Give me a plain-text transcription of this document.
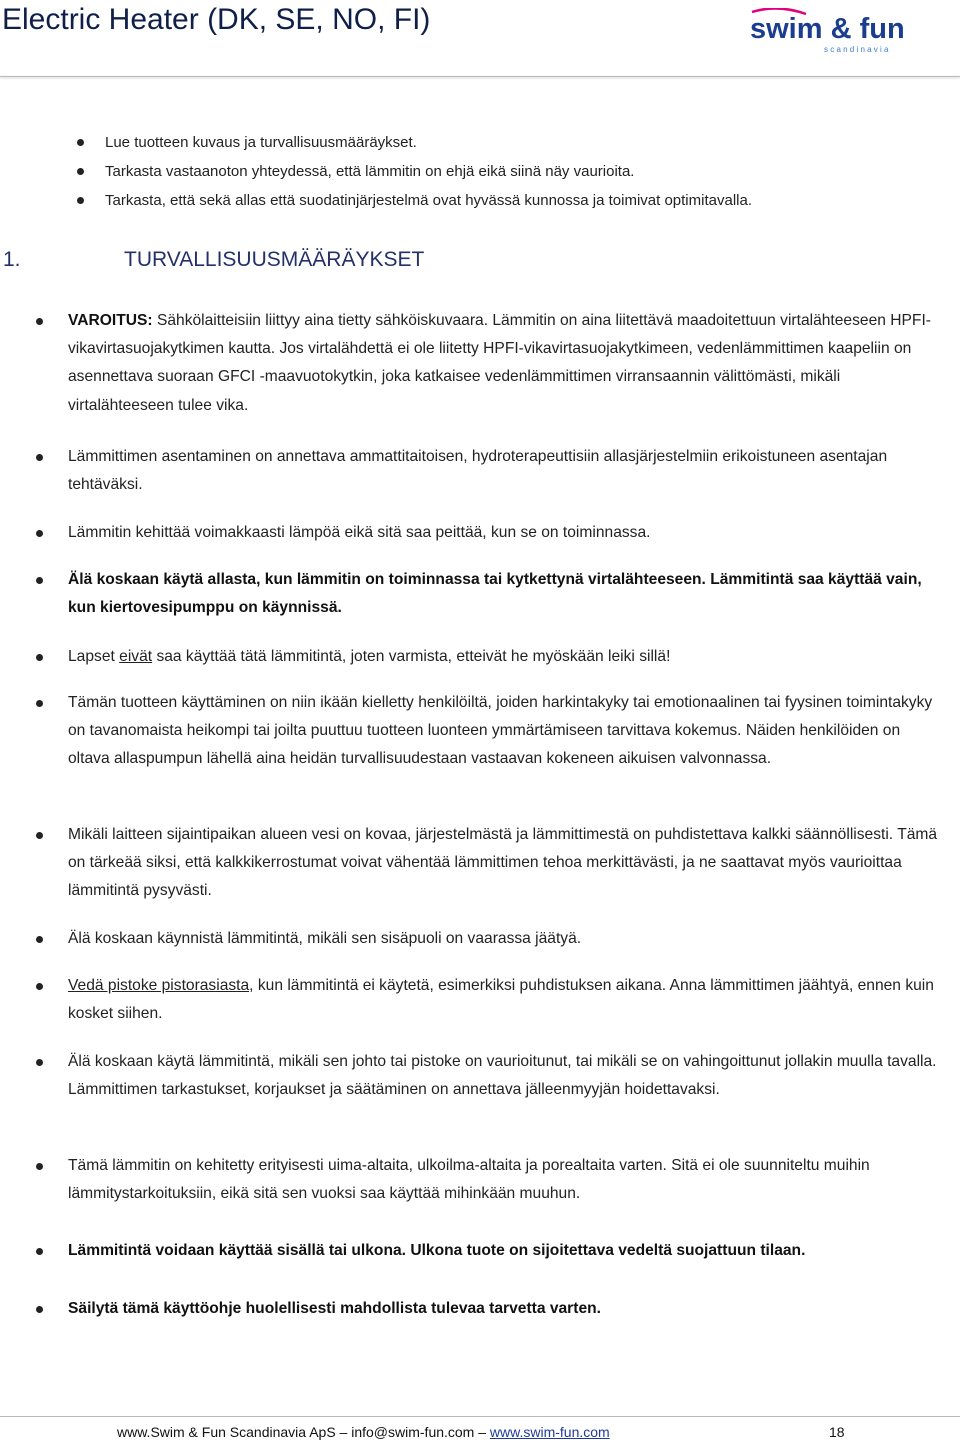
Electric Heater (DK, SE, NO, FI)	swim & fun
s c a n d i n a v i a
Lue tuotteen kuvaus ja turvallisuusmääräykset.
Tarkasta vastaanoton yhteydessä, että lämmitin on ehjä eikä siinä näy vaurioita.
Tarkasta, että sekä allas että suodatinjärjestelmä ovat hyvässä kunnossa ja toimivat optimitavalla.
1.	TURVALLISUUSMÄÄRÄYKSET
VAROITUS: Sähkölaitteisiin liittyy aina tietty sähköiskuvaara. Lämmitin on aina liitettävä maadoitettuun virtalähteeseen HPFI-vikavirtasuojakytkimen kautta. Jos virtalähdettä ei ole liitetty HPFI-vikavirtasuojakytkimeen, vedenlämmittimen kaapeliin on asennettava suoraan GFCI -maavuotokytkin, joka katkaisee vedenlämmittimen virransaannin välittömästi, mikäli virtalähteeseen tulee vika.
Lämmittimen asentaminen on annettava ammattitaitoisen, hydroterapeuttisiin allasjärjestelmiin erikoistuneen asentajan tehtäväksi.
Lämmitin kehittää voimakkaasti lämpöä eikä sitä saa peittää, kun se on toiminnassa.
Älä koskaan käytä allasta, kun lämmitin on toiminnassa tai kytkettynä virtalähteeseen. Lämmitintä saa käyttää vain, kun kiertovesipumppu on käynnissä.
Lapset eivät saa käyttää tätä lämmitintä, joten varmista, etteivät he myöskään leiki sillä!
Tämän tuotteen käyttäminen on niin ikään kielletty henkilöiltä, joiden harkintakyky tai emotionaalinen tai fyysinen toimintakyky on tavanomaista heikompi tai joilta puuttuu tuotteen luonteen ymmärtämiseen tarvittava kokemus. Näiden henkilöiden on oltava allaspumpun lähellä aina heidän turvallisuudestaan vastaavan kokeneen aikuisen valvonnassa.
Mikäli laitteen sijaintipaikan alueen vesi on kovaa, järjestelmästä ja lämmittimestä on puhdistettava kalkki säännöllisesti. Tämä on tärkeää siksi, että kalkkikerrostumat voivat vähentää lämmittimen tehoa merkittävästi, ja ne saattavat myös vaurioittaa lämmitintä pysyvästi.
Älä koskaan käynnistä lämmitintä, mikäli sen sisäpuoli on vaarassa jäätyä.
Vedä pistoke pistorasiasta, kun lämmitintä ei käytetä, esimerkiksi puhdistuksen aikana. Anna lämmittimen jäähtyä, ennen kuin kosket siihen.
Älä koskaan käytä lämmitintä, mikäli sen johto tai pistoke on vaurioitunut, tai mikäli se on vahingoittunut jollakin muulla tavalla. Lämmittimen tarkastukset, korjaukset ja säätäminen on annettava jälleenmyyjän hoidettavaksi.
Tämä lämmitin on kehitetty erityisesti uima-altaita, ulkoilma-altaita ja porealtaita varten. Sitä ei ole suunniteltu muihin lämmitystarkoituksiin, eikä sitä sen vuoksi saa käyttää mihinkään muuhun.
Lämmitintä voidaan käyttää sisällä tai ulkona. Ulkona tuote on sijoitettava vedeltä suojattuun tilaan.
Säilytä tämä käyttöohje huolellisesti mahdollista tulevaa tarvetta varten.
www.Swim & Fun Scandinavia ApS – info@swim-fun.com – www.swim-fun.com	18
